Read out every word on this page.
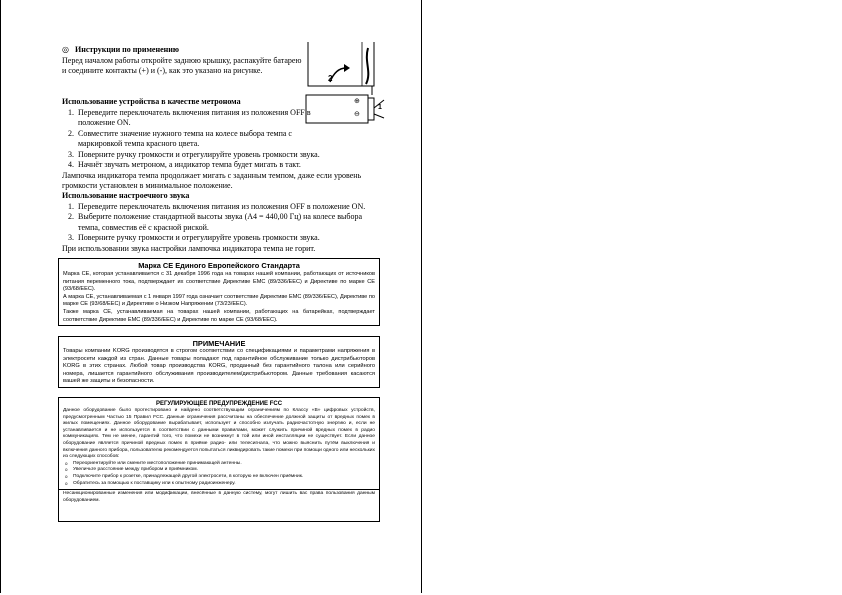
◎ Инструкции по применению

Перед началом работы откройте заднюю крышку, распакуйте батарею и соедините контакты (+) и (-), как это указано на рисунке.

2
1
⊕
⊖
Использование устройства в качестве метронома
1. Переведите переключатель включения питания из положения OFF в положение ON.
2. Совместите значение нужного темпа на колесе выбора темпа с маркировкой темпа красного цвета.
3. Поверните ручку громкости и отрегулируйте уровень громкости звука.
4. Начнёт звучать метроном, а индикатор темпа будет мигать в такт.

Лампочка индикатора темпа продолжает мигать с заданным темпом, даже если уровень громкости установлен в минимальное положение.

Использование настроечного звука
1. Переведите переключатель включения питания из положения OFF в положение ON.
2. Выберите положение стандартной высоты звука (A4 = 440,00 Гц) на колесе выбора темпа, совместив её с красной риской.
3. Поверните ручку громкости и отрегулируйте уровень громкости звука.

При использовании звука настройки лампочка индикатора темпа не горит.

Марка CE Единого Европейского Стандарта
Марка CE, которая устанавливается с 31 декабря 1996 года на товарах нашей компании, работающих от источников питания переменного тока, подтверждает их соответствие Директиве EMC (89/336/EEC) и Директиве по марке CE (93/68/EEC).
А марка CE, устанавливаемая с 1 января 1997 года означает соответствие Директиве EMC (89/336/EEC), Директиве по марке CE (93/68/EEC) и Директиве о Низком Напряжении (73/23/EEC).
Также марка CE, устанавливаемая на товарах нашей компании, работающих на батарейках, подтверждает соответствие Директиве EMC (89/336/EEC) и Директиве по марке CE (93/68/EEC).
ПРИМЕЧАНИЕ
Товары компании KORG производятся в строгом соответствии со спецификациями и параметрами напряжения в электросети каждой из стран. Данные товары поладают под гарантийное обслуживание только дистрибьюторов KORG в этих странах. Любой товар производства KORG, проданный без гарантийного талона или серийного номера, лишается гарантийного обслуживания производителем/дистрибьютором. Данные требования касаются вашей же защиты и безопасности.
РЕГУЛИРУЮЩЕЕ ПРЕДУПРЕЖДЕНИЕ FCC
Данное оборудование было протестировано и найдено соответствующим ограничениям по Классу «B» цифровых устройств, предусмотренным Частью 15 Правил FCC. Данные ограничения рассчитаны на обеспечение должной защиты от вредных помех в жилых помещениях. Данное оборудование вырабатывает, использует и способно излучать радиочастотную энергию и, если не устанавливается и не используется в соответствии с данными правилами, может служить причиной вредных помех в радио коммуникациях. Тем не менее, гарантий того, что помехи не возникнут в той или иной инсталляции не существует. Если данное оборудование является причиной вредных помех в приёме радио- или телесигнала, что можно выяснить путём выключения и включения данного прибора, пользователю рекомендуется попытаться ликвидировать такие помехи при помощи одного или нескольких из следующих способов:
o Переориентируйте или смените местоположение принимающей антенны.
o Увеличьте расстояние между прибором и приёмником.
o Подключите прибор к розетке, принадлежащей другой электросети, в которую не включен приёмник.
o Обратитесь за помощью к поставщику или к опытному радиоинженеру.
Несанкционированные изменения или модификации, внесённые в данную систему, могут лишить вас права пользования данным оборудованием.
